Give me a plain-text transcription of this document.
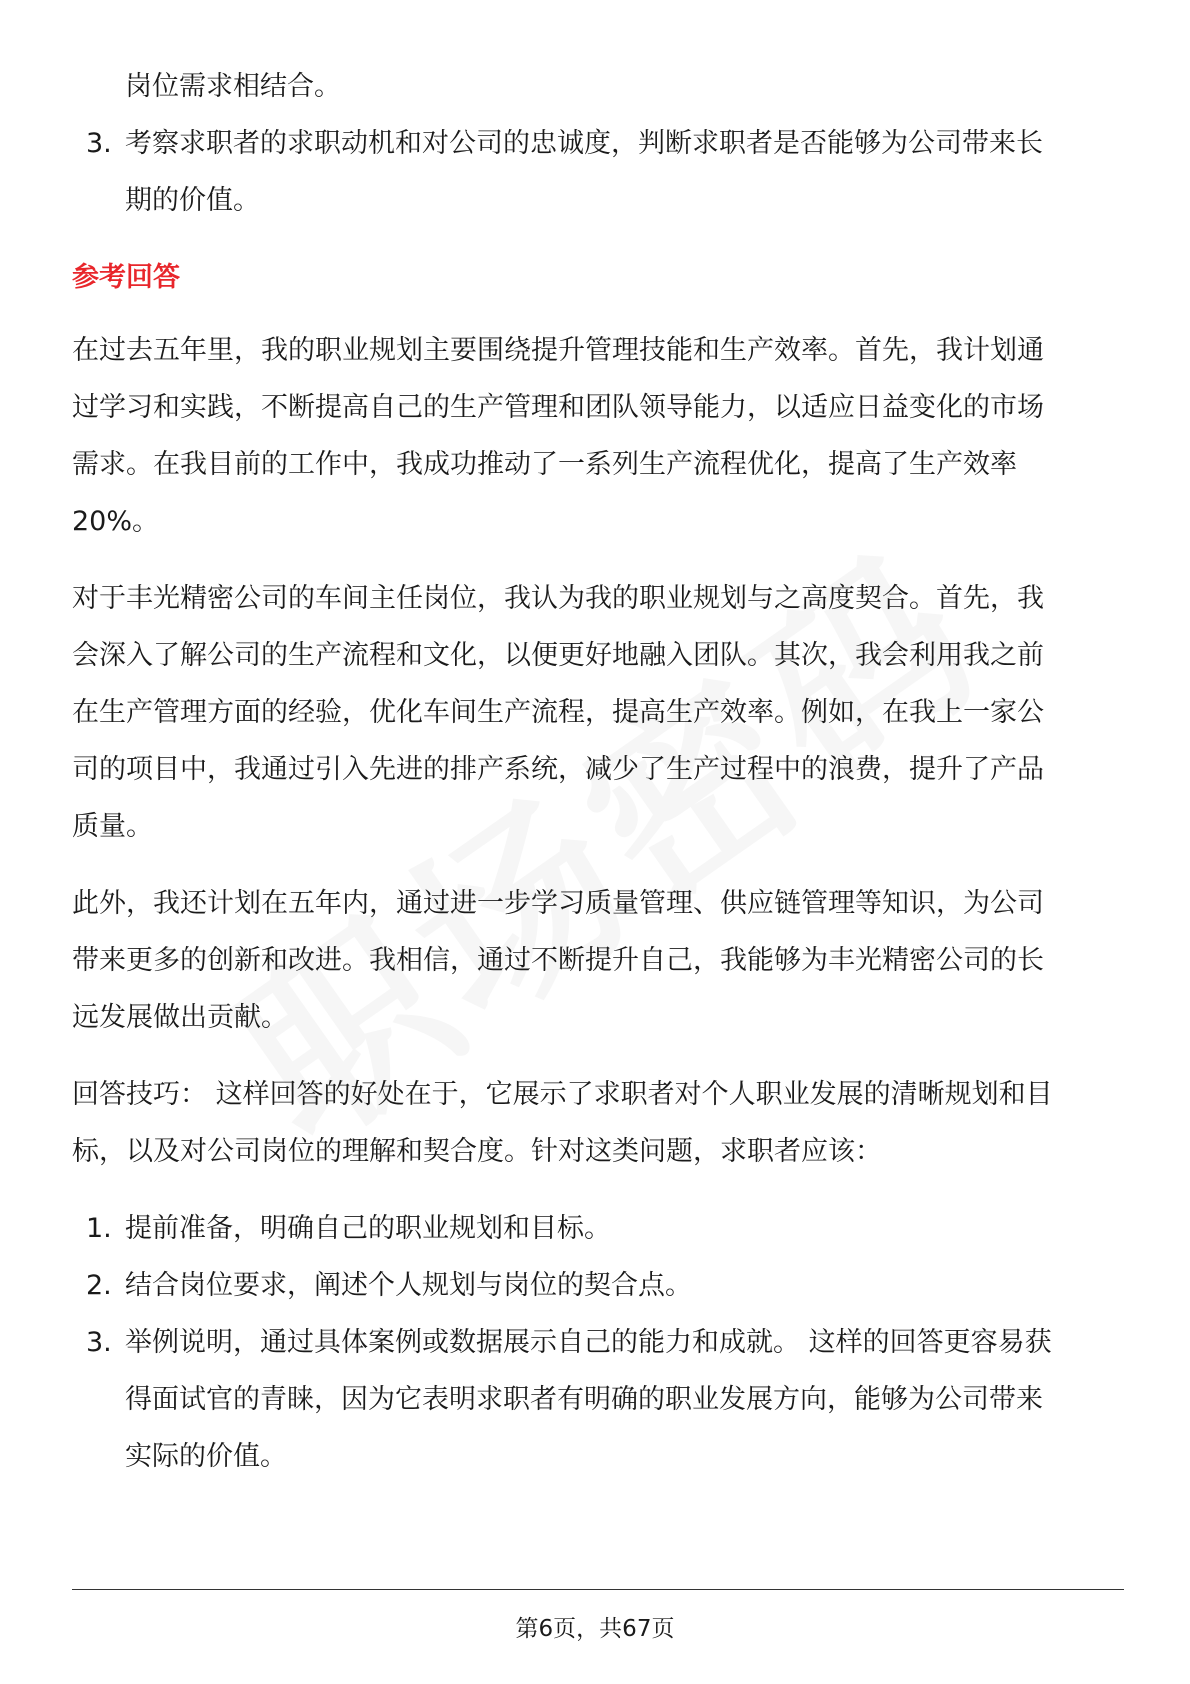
岗位需求相结合。
3. 考察求职者的求职动机和对公司的忠诚度，判断求职者是否能够为公司带来长
期的价值。
参考回答
在过去五年里，我的职业规划主要围绕提升管理技能和生产效率。首先，我计划通
过学习和实践，不断提高自己的生产管理和团队领导能力，以适应日益变化的市场
需求。在我目前的工作中，我成功推动了一系列生产流程优化，提高了生产效率
20%。
对于丰光精密公司的车间主任岗位，我认为我的职业规划与之高度契合。首先，我
会深入了解公司的生产流程和文化，以便更好地融入团队。其次，我会利用我之前
在生产管理方面的经验，优化车间生产流程，提高生产效率。例如，在我上一家公
司的项目中，我通过引入先进的排产系统，减少了生产过程中的浪费，提升了产品
质量。
此外，我还计划在五年内，通过进一步学习质量管理、供应链管理等知识，为公司
带来更多的创新和改进。我相信，通过不断提升自己，我能够为丰光精密公司的长
远发展做出贡献。
回答技巧： 这样回答的好处在于，它展示了求职者对个人职业发展的清晰规划和目
标，以及对公司岗位的理解和契合度。针对这类问题，求职者应该：
1. 提前准备，明确自己的职业规划和目标。
2. 结合岗位要求，阐述个人规划与岗位的契合点。
3. 举例说明，通过具体案例或数据展示自己的能力和成就。 这样的回答更容易获
得面试官的青睐，因为它表明求职者有明确的职业发展方向，能够为公司带来
实际的价值。
第6页，共67页
